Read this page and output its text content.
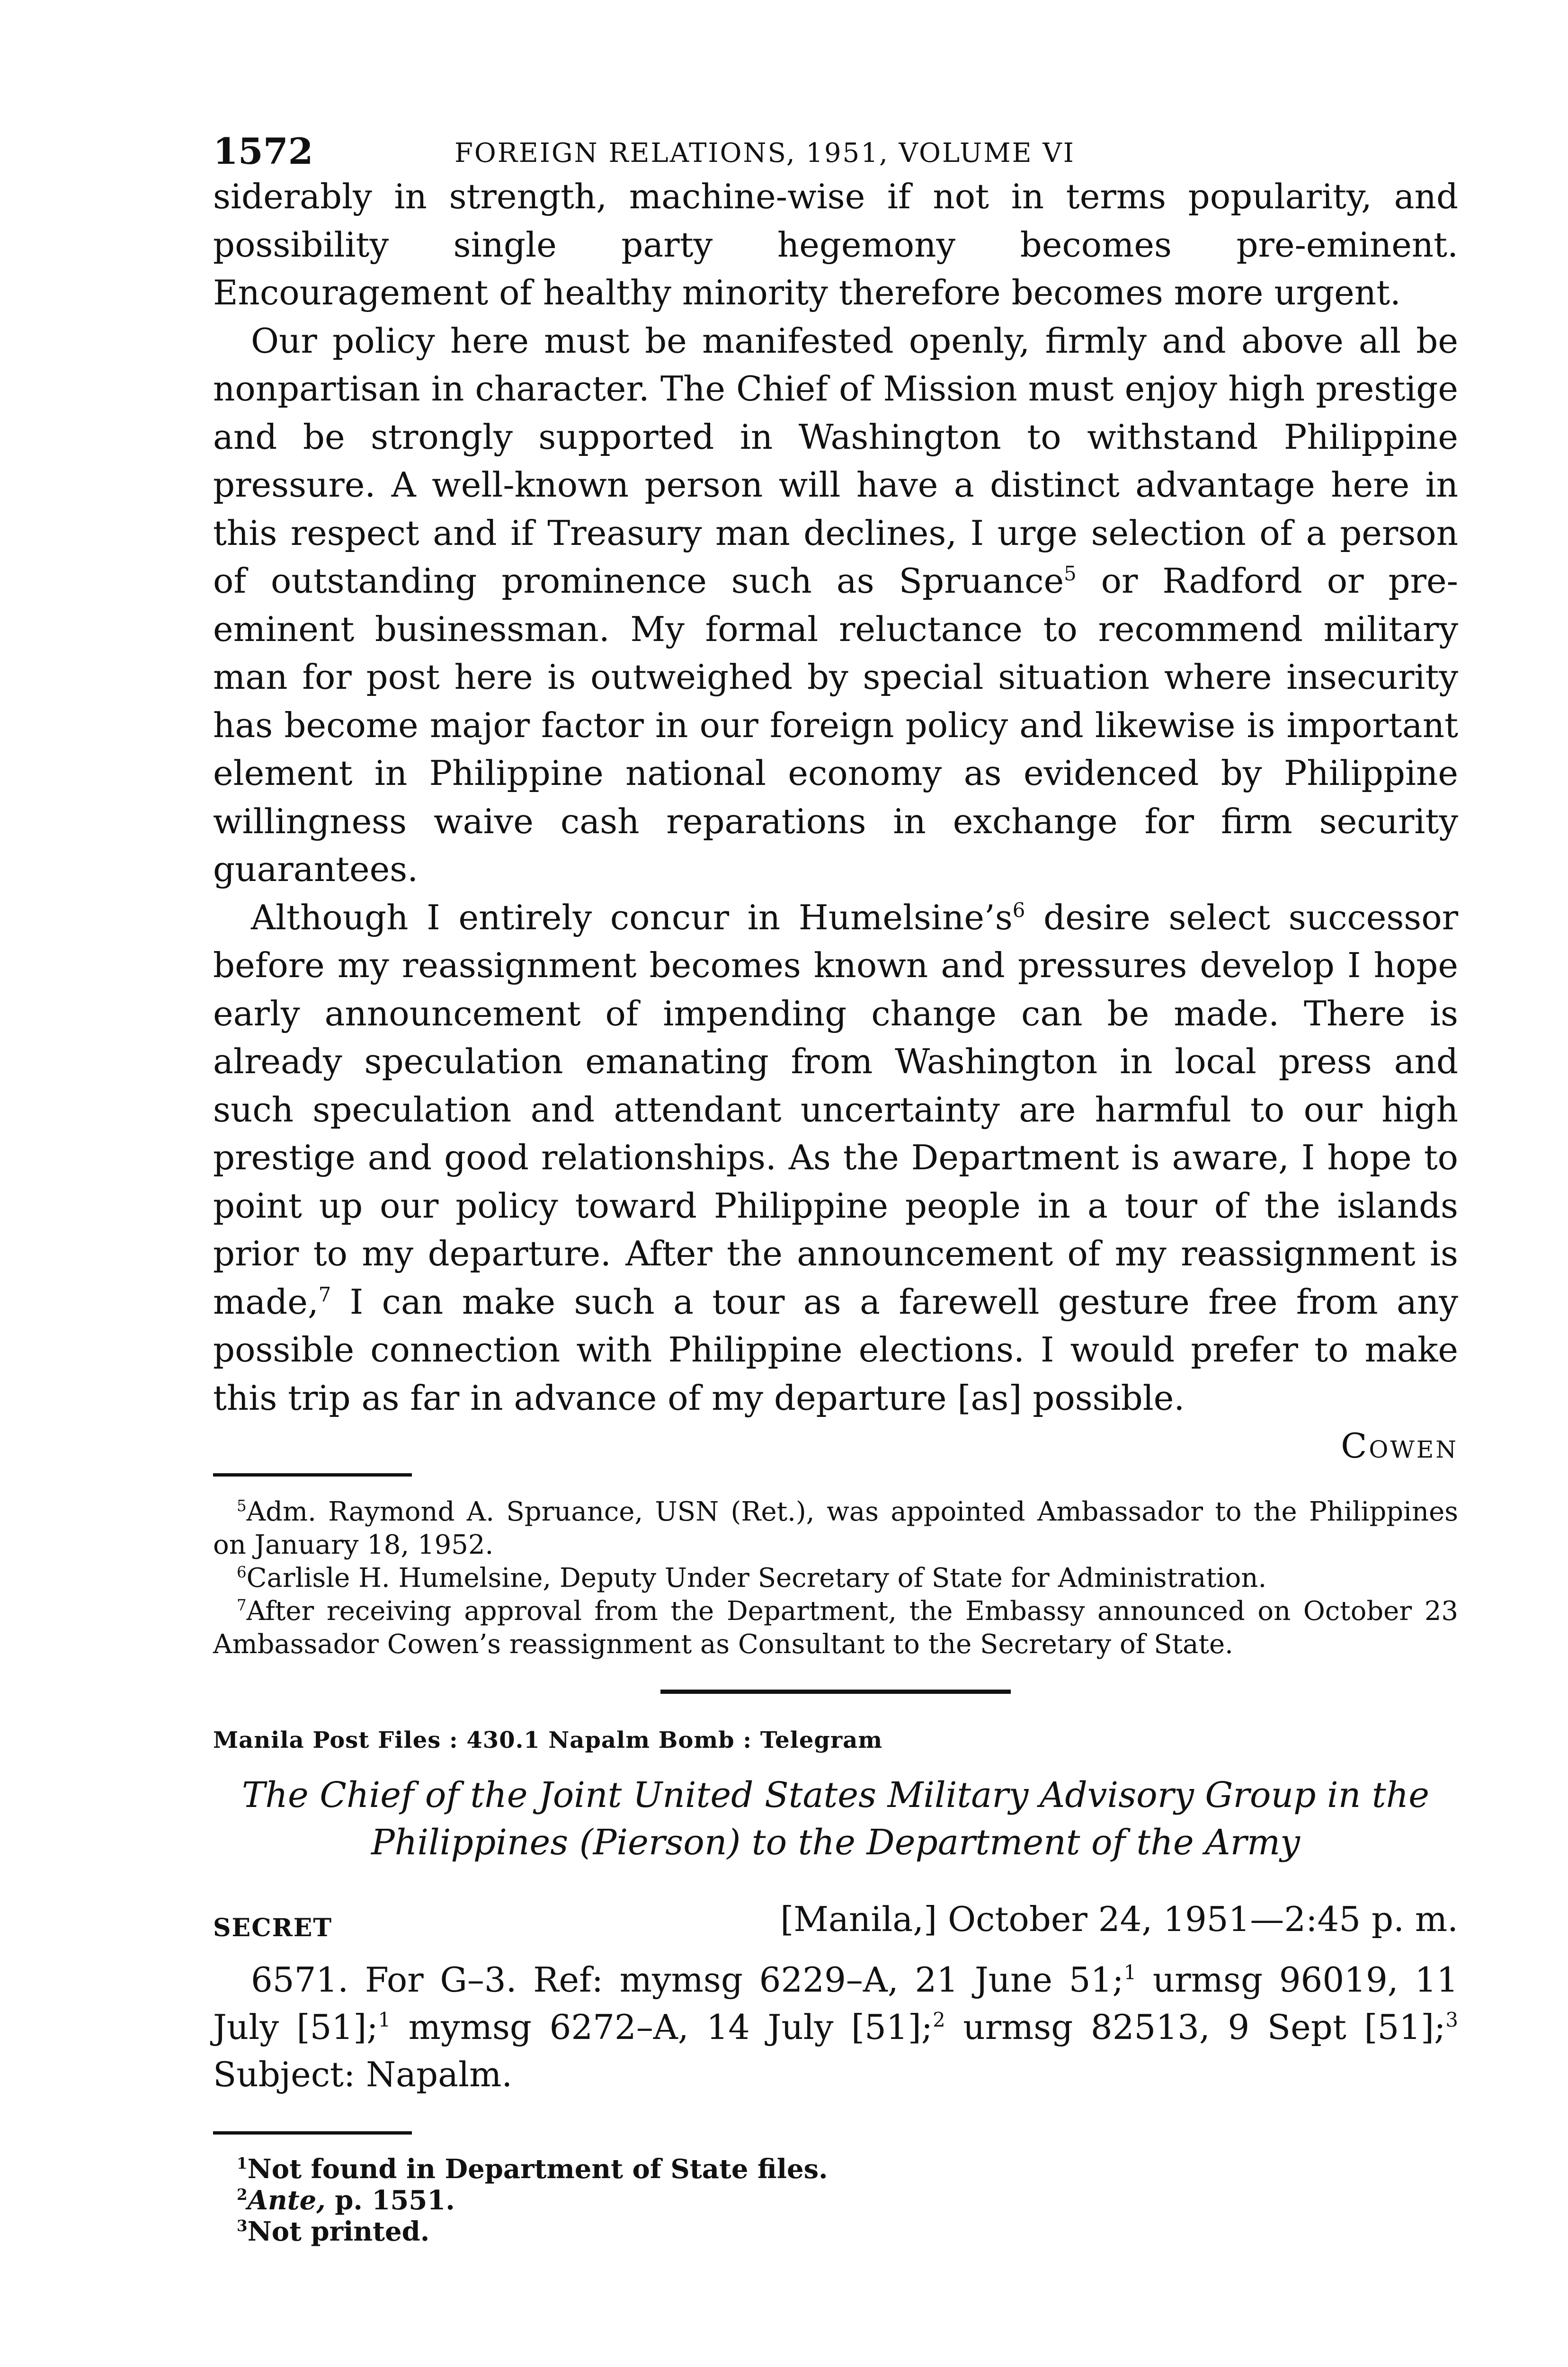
1572	FOREIGN RELATIONS, 1951, VOLUME VI

siderably in strength, machine-wise if not in terms popularity, and possibility single party hegemony becomes pre-eminent. Encouragement of healthy minority therefore becomes more urgent.

Our policy here must be manifested openly, firmly and above all be nonpartisan in character. The Chief of Mission must enjoy high prestige and be strongly supported in Washington to withstand Philippine pressure. A well-known person will have a distinct advantage here in this respect and if Treasury man declines, I urge selection of a person of outstanding prominence such as Spruance$^5$ or Radford or pre-eminent businessman. My formal reluctance to recommend military man for post here is outweighed by special situation where insecurity has become major factor in our foreign policy and likewise is important element in Philippine national economy as evidenced by Philippine willingness waive cash reparations in exchange for firm security guarantees.

Although I entirely concur in $Humelsine’s^6$ desire select successor before my reassignment becomes known and pressures develop I hope early announcement of impending change can be made. There is already speculation emanating from Washington in local press and such speculation and attendant uncertainty are harmful to our high prestige and good relationships. As the Department is aware, I hope to point up our policy toward Philippine people in a tour of the islands prior to my departure. After the announcement of my reassignment is made,$^7$ I can make such a tour as a farewell gesture free from any possible connection with Philippine elections. I would prefer to make this trip as far in advance of my departure [as] possible.

Cowen

$^5$Adm. Raymond A. Spruance, USN (Ret.), was appointed Ambassador to the Philippines on January 18, 1952.

$^6$Carlisle H. Humelsine, Deputy Under Secretary of State for Administration.

$^7$After receiving approval from the Department, the Embassy announced on October 23 Ambassador Cowen’s reassignment as Consultant to the Secretary of State.

Manila Post Files : 430.1 Napalm Bomb : Telegram
The Chief of the Joint United States Military Advisory Group in the
Philippines (Pierson) to the Department of the Army
SECRET	[Manila,] October 24, 1951—2:45 p. m.
6571. For G–3. Ref: mymsg 6229–A, 21 June 51;$^1$ urmsg 96019, 11 July [51];$^1$ mymsg 6272–A, 14 July [51];$^2$ urmsg 82513, 9 Sept [51];$^3$ Subject: Napalm.

$^1$Not found in Department of State files.

$^2$Ante, p. 1551.

$^3$Not printed.
